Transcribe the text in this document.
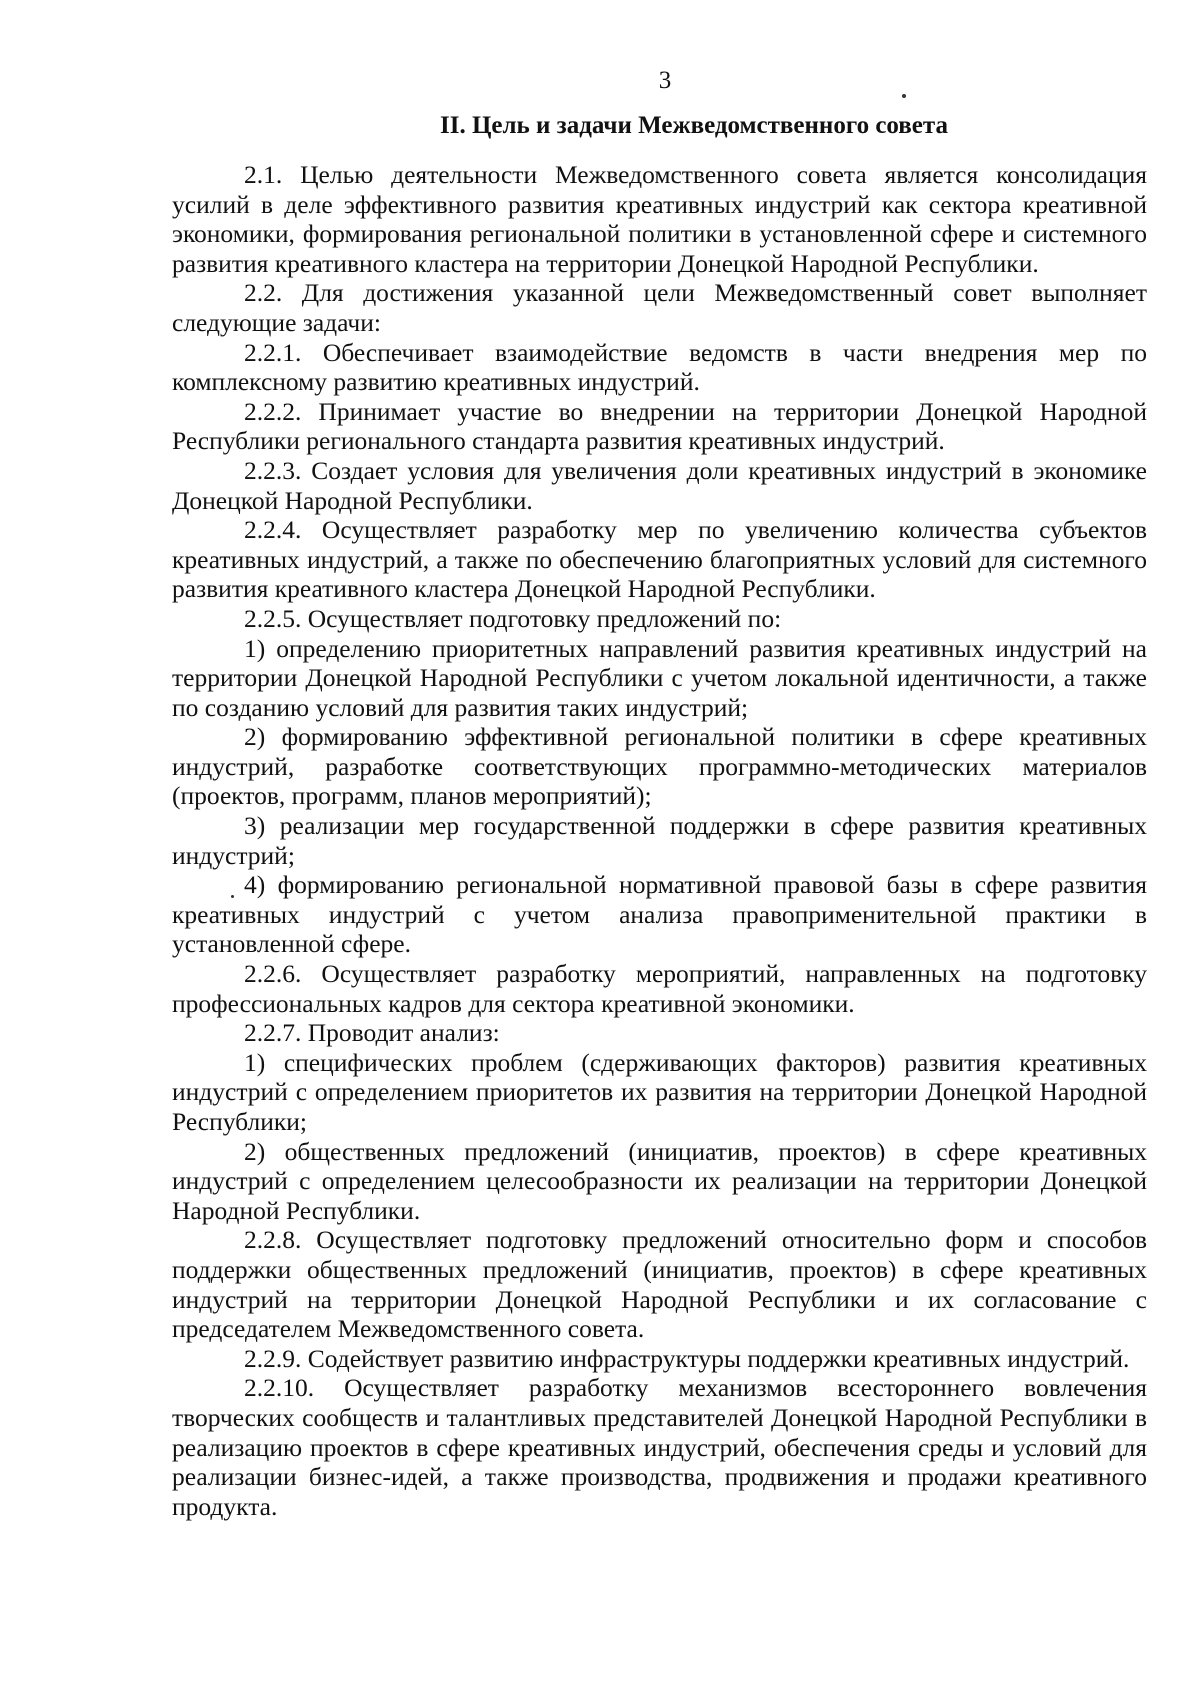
3
II. Цель и задачи Межведомственного совета

2.1. Целью деятельности Межведомственного совета является консолидация усилий в деле эффективного развития креативных индустрий как сектора креативной экономики, формирования региональной политики в установленной сфере и системного развития креативного кластера на территории Донецкой Народной Республики.

2.2. Для достижения указанной цели Межведомственный совет выполняет следующие задачи:

2.2.1. Обеспечивает взаимодействие ведомств в части внедрения мер по комплексному развитию креативных индустрий.

2.2.2. Принимает участие во внедрении на территории Донецкой Народной Республики регионального стандарта развития креативных индустрий.

2.2.3. Создает условия для увеличения доли креативных индустрий в экономике Донецкой Народной Республики.

2.2.4. Осуществляет разработку мер по увеличению количества субъектов креативных индустрий, а также по обеспечению благоприятных условий для системного развития креативного кластера Донецкой Народной Республики.

2.2.5. Осуществляет подготовку предложений по:

1) определению приоритетных направлений развития креативных индустрий на территории Донецкой Народной Республики с учетом локальной идентичности, а также по созданию условий для развития таких индустрий;

2) формированию эффективной региональной политики в сфере креативных индустрий, разработке соответствующих программно-методических материалов (проектов, программ, планов мероприятий);

3) реализации мер государственной поддержки в сфере развития креативных индустрий;

4) формированию региональной нормативной правовой базы в сфере развития креативных индустрий с учетом анализа правоприменительной практики в установленной сфере.

2.2.6. Осуществляет разработку мероприятий, направленных на подготовку профессиональных кадров для сектора креативной экономики.

2.2.7. Проводит анализ:

1) специфических проблем (сдерживающих факторов) развития креативных индустрий с определением приоритетов их развития на территории Донецкой Народной Республики;

2) общественных предложений (инициатив, проектов) в сфере креативных индустрий с определением целесообразности их реализации на территории Донецкой Народной Республики.

2.2.8. Осуществляет подготовку предложений относительно форм и способов поддержки общественных предложений (инициатив, проектов) в сфере креативных индустрий на территории Донецкой Народной Республики и их согласование с председателем Межведомственного совета.

2.2.9. Содействует развитию инфраструктуры поддержки креативных индустрий.

2.2.10. Осуществляет разработку механизмов всестороннего вовлечения творческих сообществ и талантливых представителей Донецкой Народной Республики в реализацию проектов в сфере креативных индустрий, обеспечения среды и условий для реализации бизнес-идей, а также производства, продвижения и продажи креативного продукта.
